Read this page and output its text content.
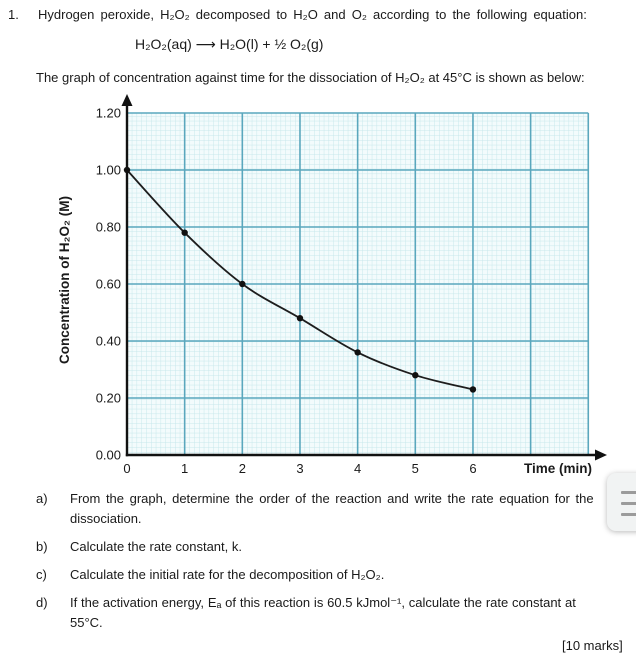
1. Hydrogen peroxide, H₂O₂ decomposed to H₂O and O₂ according to the following equation:
H₂O₂(aq) ⟶ H₂O(l) + ½ O₂(g)
The graph of concentration against time for the dissociation of H₂O₂ at 45°C is shown as below:
0.00
0.20
0.40
0.60
0.80
1.00
1.20
0	1	2	3	4	5	6	Time (min)
Concentration of H₂O₂ (M)
a)	From the graph, determine the order of the reaction and write the rate equation for the
dissociation.
b)	Calculate the rate constant, k.
c)	Calculate the initial rate for the decomposition of H₂O₂.
d)	If the activation energy, Eₐ of this reaction is 60.5 kJmol⁻¹, calculate the rate constant at
55°C.
[10 marks]
